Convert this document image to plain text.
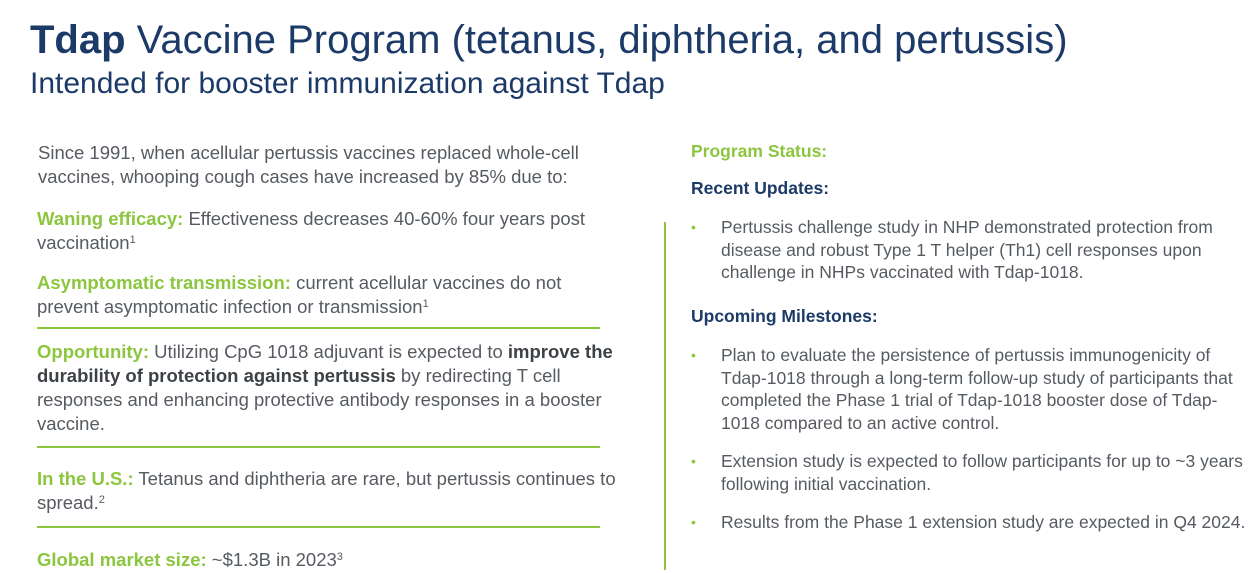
Tdap Vaccine Program (tetanus, diphtheria, and pertussis)
Intended for booster immunization against Tdap
Since 1991, when acellular pertussis vaccines replaced whole-cell vaccines, whooping cough cases have increased by 85% due to:
Waning efficacy: Effectiveness decreases 40-60% four years post vaccination$^1$
Asymptomatic transmission: current acellular vaccines do not prevent asymptomatic infection or transmission$^1$
Opportunity: Utilizing CpG 1018 adjuvant is expected to improve the durability of protection against pertussis by redirecting T cell responses and enhancing protective antibody responses in a booster vaccine.
In the U.S.: Tetanus and diphtheria are rare, but pertussis continues to spread.$^2$
Global market size: ~$1.3B in 2023$^3$
Program Status:
Recent Updates:
• Pertussis challenge study in NHP demonstrated protection from disease and robust Type 1 T helper (Th1) cell responses upon challenge in NHPs vaccinated with Tdap-1018.
Upcoming Milestones:
• Plan to evaluate the persistence of pertussis immunogenicity of Tdap-1018 through a long-term follow-up study of participants that completed the Phase 1 trial of Tdap-1018 booster dose of Tdap-1018 compared to an active control.
• Extension study is expected to follow participants for up to ~3 years following initial vaccination.
• Results from the Phase 1 extension study are expected in Q4 2024.
